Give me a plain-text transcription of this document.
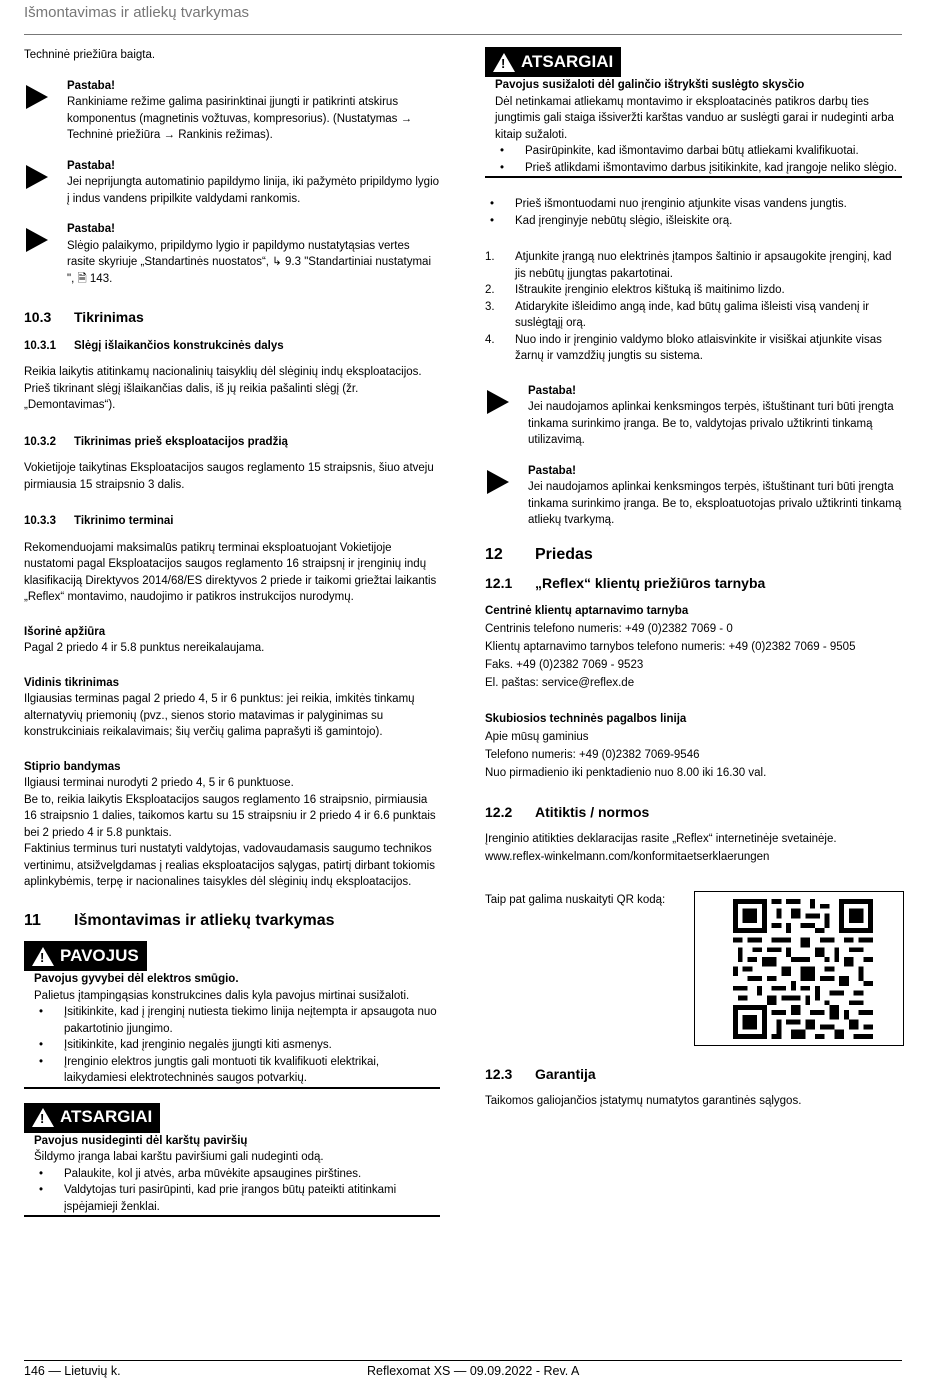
Išmontavimas ir atliekų tvarkymas

Techninė priežiūra baigta.

Pastaba!
Rankiniame režime galima pasirinktinai įjungti ir patikrinti atskirus komponentus (magnetinis vožtuvas, kompresorius). (Nustatymas → Techninė priežiūra → Rankinis režimas).
Pastaba!
Jei neprijungta automatinio papildymo linija, iki pažymėto pripildymo lygio į indus vandens pripilkite valdydami rankomis.
Pastaba!
Slėgio palaikymo, pripildymo lygio ir papildymo nustatytąsias vertes rasite skyriuje „Standartinės nuostatos“, ↳ 9.3 "Standartiniai nustatymai ", 🗎 143.
10.3	Tikrinimas
10.3.1	Slėgį išlaikančios konstrukcinės dalys

Reikia laikytis atitinkamų nacionalinių taisyklių dėl slėginių indų eksploatacijos. Prieš tikrinant slėgį išlaikančias dalis, iš jų reikia pašalinti slėgį (žr. „Demontavimas“).

10.3.2	Tikrinimas prieš eksploatacijos pradžią

Vokietijoje taikytinas Eksploatacijos saugos reglamento 15 straipsnis, šiuo atveju pirmiausia 15 straipsnio 3 dalis.

10.3.3	Tikrinimo terminai

Rekomenduojami maksimalūs patikrų terminai eksploatuojant Vokietijoje nustatomi pagal Eksploatacijos saugos reglamento 16 straipsnį ir įrenginių indų klasifikaciją Direktyvos 2014/68/ES direktyvos 2 priede ir taikomi griežtai laikantis „Reflex“ montavimo, naudojimo ir patikros instrukcijos nurodymų.

Išorinė apžiūra

Pagal 2 priedo 4 ir 5.8 punktus nereikalaujama.

Vidinis tikrinimas

Ilgiausias terminas pagal 2 priedo 4, 5 ir 6 punktus: jei reikia, imkitės tinkamų alternatyvių priemonių (pvz., sienos storio matavimas ir palyginimas su konstrukciniais reikalavimais; šių verčių galima paprašyti iš gamintojo).

Stiprio bandymas

Ilgiausi terminai nurodyti 2 priedo 4, 5 ir 6 punktuose.

Be to, reikia laikytis Eksploatacijos saugos reglamento 16 straipsnio, pirmiausia 16 straipsnio 1 dalies, taikomos kartu su 15 straipsniu ir 2 priedo 4 ir 6.6 punktais bei 2 priedo 4 ir 5.8 punktais.

Faktinius terminus turi nustatyti valdytojas, vadovaudamasis saugumo technikos vertinimu, atsižvelgdamas į realias eksploatacijos sąlygas, patirtį dirbant tokiomis aplinkybėmis, terpę ir nacionalines taisykles dėl slėginių indų eksploatacijos.

11	Išmontavimas ir atliekų tvarkymas
! PAVOJUS
Pavojus gyvybei dėl elektros smūgio.
Palietus įtampingąsias konstrukcines dalis kyla pavojus mirtinai susižaloti.
• Įsitikinkite, kad į įrenginį nutiesta tiekimo linija neįtempta ir apsaugota nuo pakartotinio įjungimo.
• Įsitikinkite, kad įrenginio negalės įjungti kiti asmenys.
• Įrenginio elektros jungtis gali montuoti tik kvalifikuoti elektrikai, laikydamiesi elektrotechninės saugos potvarkių.
! ATSARGIAI
Pavojus nusideginti dėl karštų paviršių
Šildymo įranga labai karštu paviršiumi gali nudeginti odą.
• Palaukite, kol ji atvės, arba mūvėkite apsaugines pirštines.
• Valdytojas turi pasirūpinti, kad prie įrangos būtų pateikti atitinkami įspėjamieji ženklai.
! ATSARGIAI
Pavojus susižaloti dėl galinčio ištrykšti suslėgto skysčio
Dėl netinkamai atliekamų montavimo ir eksploatacinės patikros darbų ties jungtimis gali staiga išsiveržti karštas vanduo ar suslėgti garai ir nudeginti arba kitaip sužaloti.
• Pasirūpinkite, kad išmontavimo darbai būtų atliekami kvalifikuotai.
• Prieš atlikdami išmontavimo darbus įsitikinkite, kad įrangoje neliko slėgio.
• Prieš išmontuodami nuo įrenginio atjunkite visas vandens jungtis.
• Kad įrenginyje nebūtų slėgio, išleiskite orą.
1. Atjunkite įrangą nuo elektrinės įtampos šaltinio ir apsaugokite įrenginį, kad jis nebūtų įjungtas pakartotinai.
2. Ištraukite įrenginio elektros kištuką iš maitinimo lizdo.
3. Atidarykite išleidimo angą inde, kad būtų galima išleisti visą vandenį ir suslėgtąjį orą.
4. Nuo indo ir įrenginio valdymo bloko atlaisvinkite ir visiškai atjunkite visas žarnų ir vamzdžių jungtis su sistema.
Pastaba!
Jei naudojamos aplinkai kenksmingos terpės, ištuštinant turi būti įrengta tinkama surinkimo įranga. Be to, valdytojas privalo užtikrinti tinkamą utilizavimą.
Pastaba!
Jei naudojamos aplinkai kenksmingos terpės, ištuštinant turi būti įrengta tinkama surinkimo įranga. Be to, eksploatuotojas privalo užtikrinti tinkamą atliekų tvarkymą.
12	Priedas
12.1	„Reflex“ klientų priežiūros tarnyba
Centrinė klientų aptarnavimo tarnyba
Centrinis telefono numeris: +49 (0)2382 7069 - 0
Klientų aptarnavimo tarnybos telefono numeris: +49 (0)2382 7069 - 9505
Faks. +49 (0)2382 7069 - 9523
El. paštas: service@reflex.de
Skubiosios techninės pagalbos linija
Apie mūsų gaminius
Telefono numeris: +49 (0)2382 7069-9546
Nuo pirmadienio iki penktadienio nuo 8.00 iki 16.30 val.
12.2	Atitiktis / normos
Įrenginio atitikties deklaracijas rasite „Reflex“ internetinėje svetainėje.
www.reflex-winkelmann.com/konformitaetserklaerungen
Taip pat galima nuskaityti QR kodą:
12.3	Garantija

Taikomos galiojančios įstatymų numatytos garantinės sąlygos.

146 — Lietuvių k.	Reflexomat XS — 09.09.2022 - Rev. A
